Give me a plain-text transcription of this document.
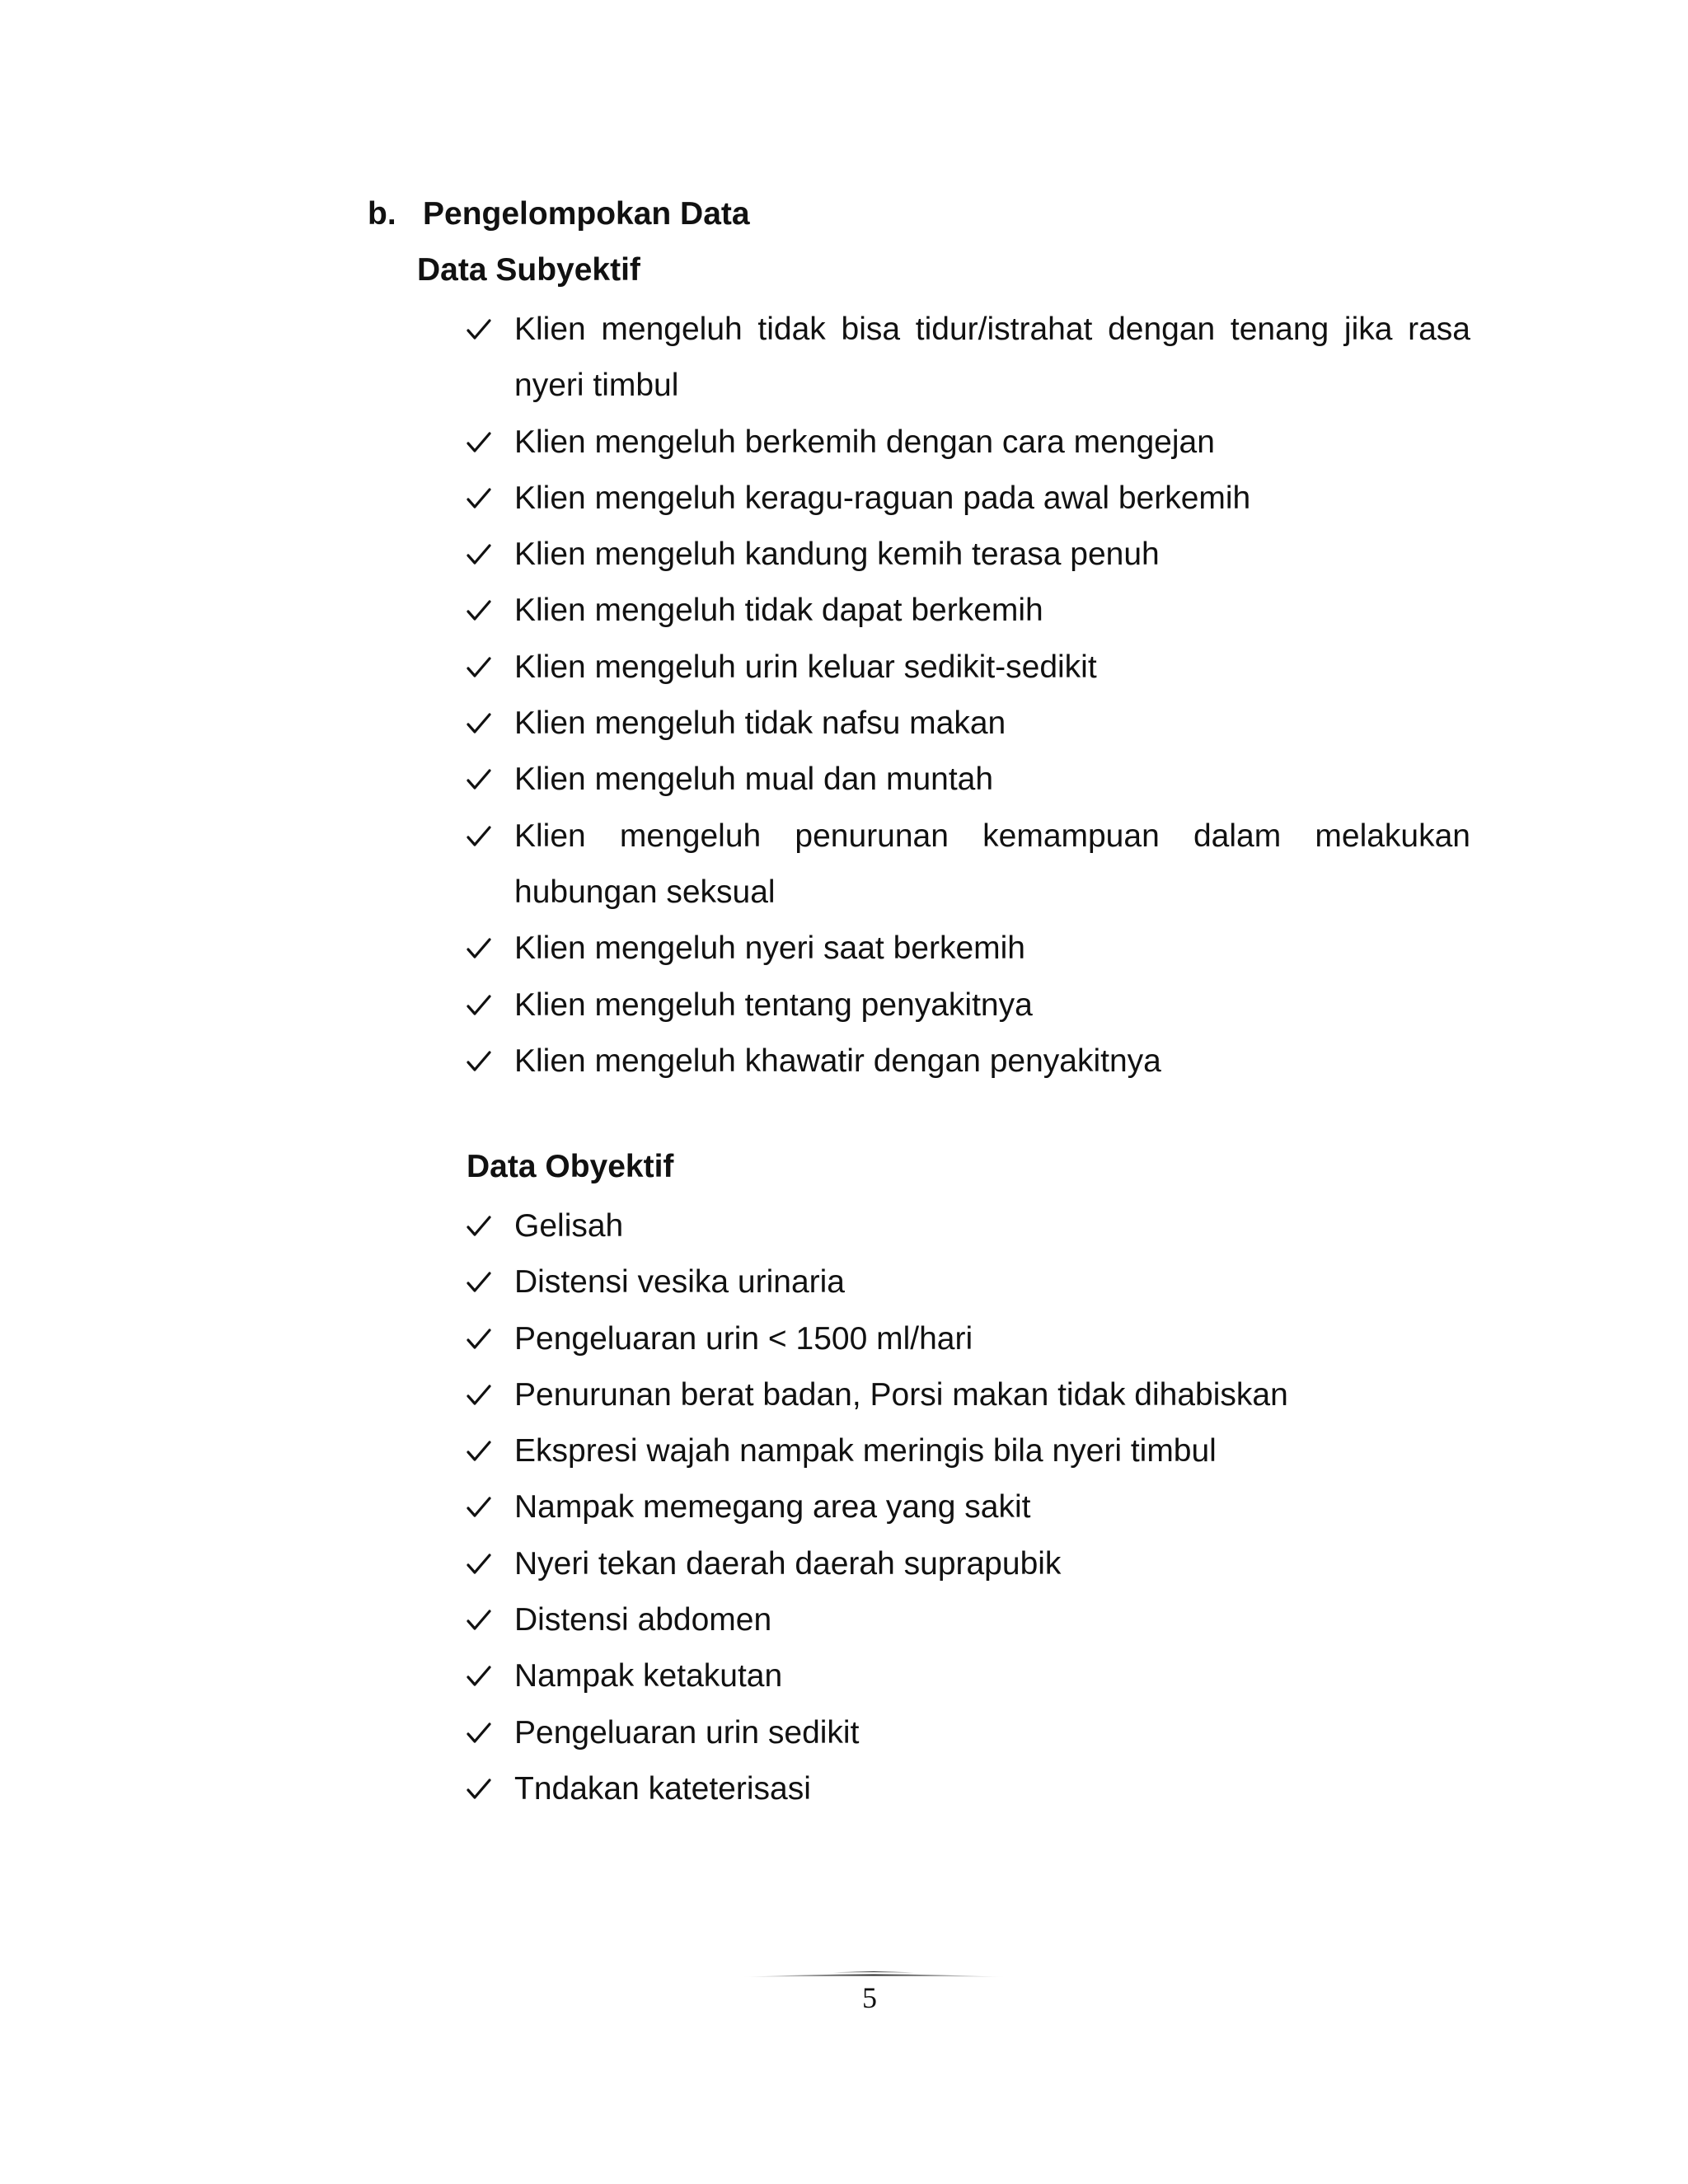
b. Pengelompokan Data
Data Subyektif
Klien mengeluh tidak bisa tidur/istrahat dengan tenang jika rasa nyeri timbul
Klien mengeluh berkemih dengan cara mengejan
Klien mengeluh keragu-raguan pada awal berkemih
Klien mengeluh kandung kemih terasa penuh
Klien mengeluh tidak dapat berkemih
Klien mengeluh urin keluar sedikit-sedikit
Klien mengeluh tidak nafsu makan
Klien mengeluh mual dan muntah
Klien mengeluh penurunan kemampuan dalam melakukan hubungan seksual
Klien mengeluh nyeri saat berkemih
Klien mengeluh tentang penyakitnya
Klien mengeluh khawatir dengan penyakitnya
Data Obyektif
Gelisah
Distensi vesika urinaria
Pengeluaran urin < 1500 ml/hari
Penurunan berat badan, Porsi makan tidak dihabiskan
Ekspresi wajah nampak meringis bila nyeri timbul
Nampak memegang area yang sakit
Nyeri tekan daerah daerah suprapubik
Distensi abdomen
Nampak ketakutan
Pengeluaran urin sedikit
Tndakan kateterisasi
5
